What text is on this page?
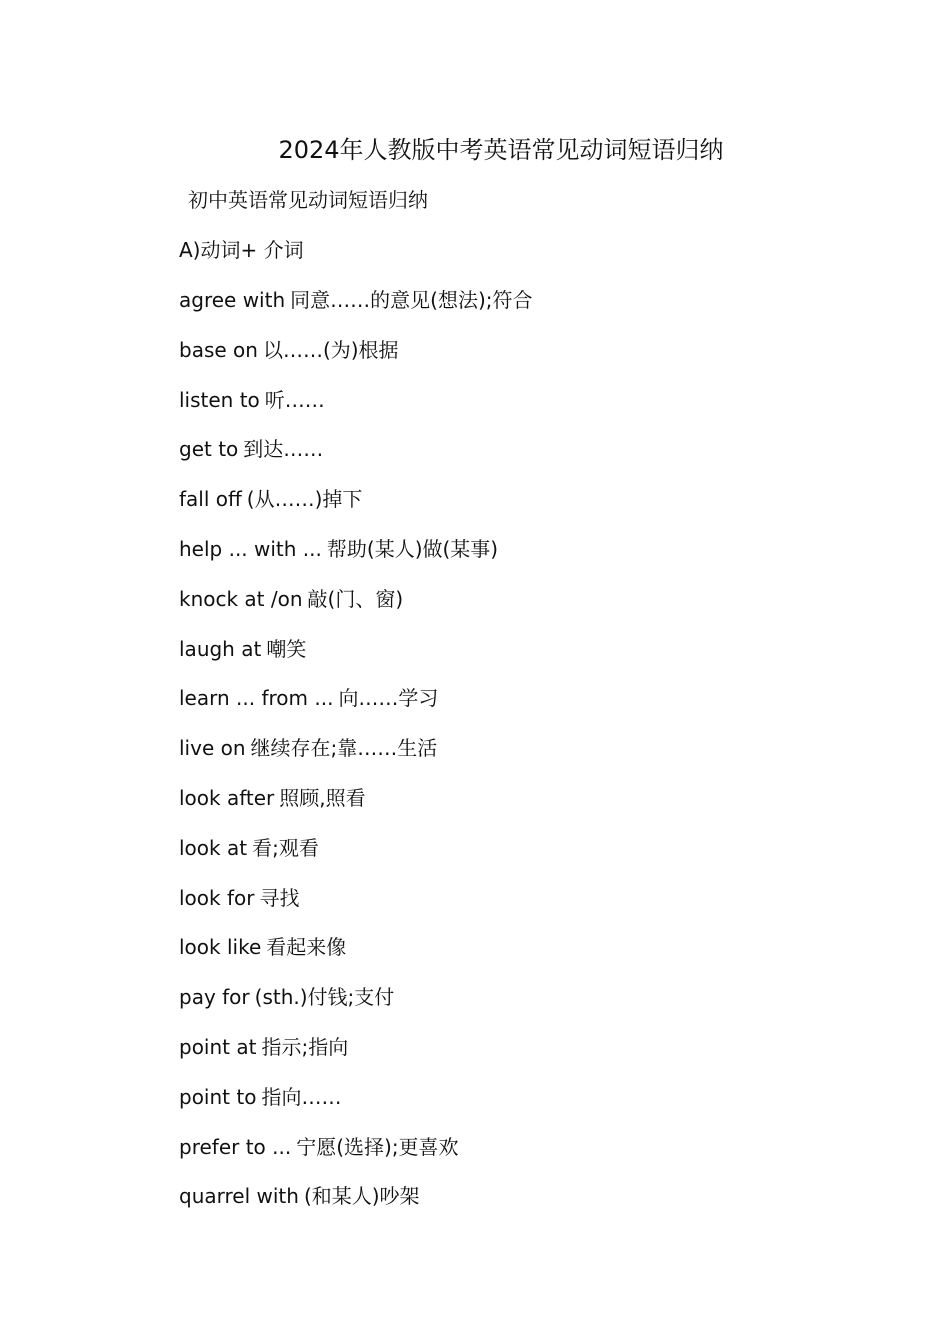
2024年人教版中考英语常见动词短语归纳

初中英语常见动词短语归纳

A)动词+ 介词

agree with 同意……的意见(想法);符合
base on 以……(为)根据
listen to 听……
get to 到达……
fall off (从……)掉下
help ... with ... 帮助(某人)做(某事)
knock at /on 敲(门、窗)
laugh at 嘲笑
learn ... from ... 向……学习
live on 继续存在;靠……生活
look after 照顾,照看
look at 看;观看
look for 寻找
look like 看起来像
pay for (sth.)付钱;支付
point at 指示;指向
point to 指向……
prefer to ... 宁愿(选择);更喜欢
quarrel with (和某人)吵架
